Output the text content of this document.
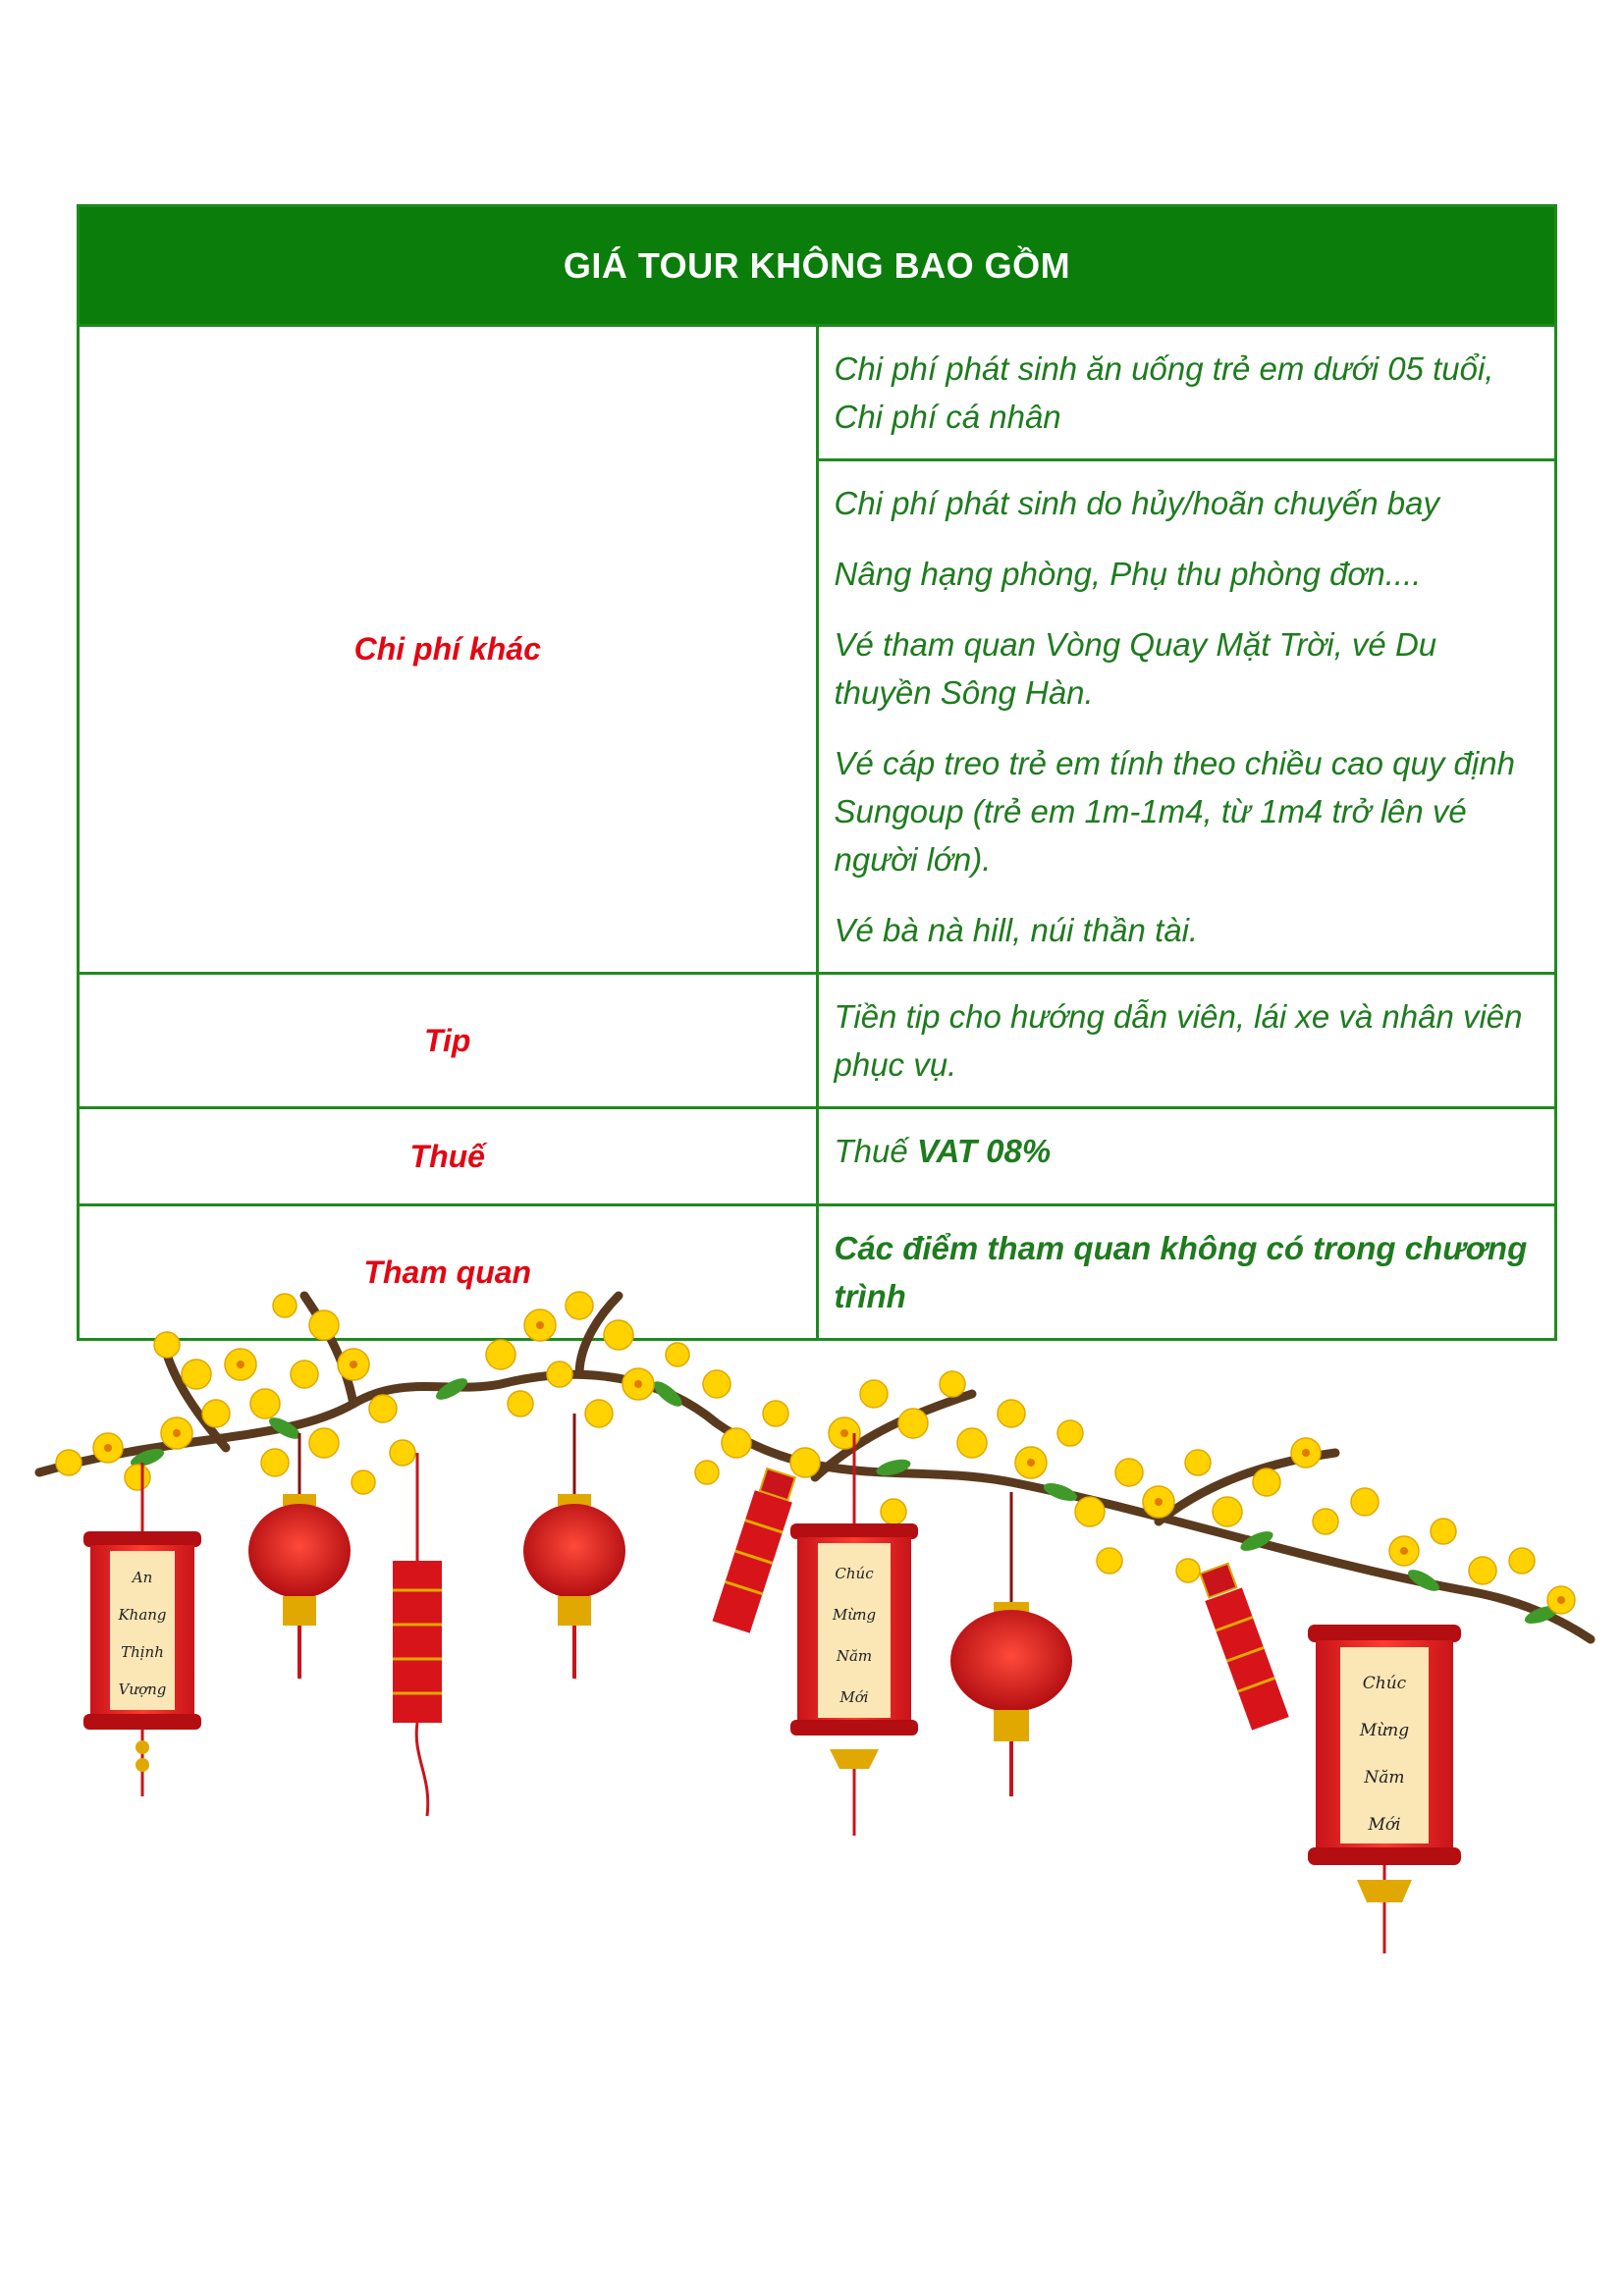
GIÁ TOUR KHÔNG BAO GỒM	
Chi phí khác	Chi phí phát sinh ăn uống trẻ em dưới 05 tuổi, Chi phí cá nhân

	Chi phí phát sinh do hủy/hoãn chuyến bay

Nâng hạng phòng, Phụ thu phòng đơn....

Vé tham quan Vòng Quay Mặt Trời, vé Du thuyền Sông Hàn.

Vé cáp treo trẻ em tính theo chiều cao quy định Sungoup (trẻ em 1m-1m4, từ 1m4 trở lên vé người lớn).

Vé bà nà hill, núi thần tài.

Tip	Tiền tip cho hướng dẫn viên, lái xe và nhân viên phục vụ.

Thuế	Thuế VAT 08%

Tham quan	Các điểm tham quan không có trong chương trình

An
Khang
Thịnh
Vượng
Chúc
Mừng
Năm
Mới
Chúc
Mừng
Năm
Mới
